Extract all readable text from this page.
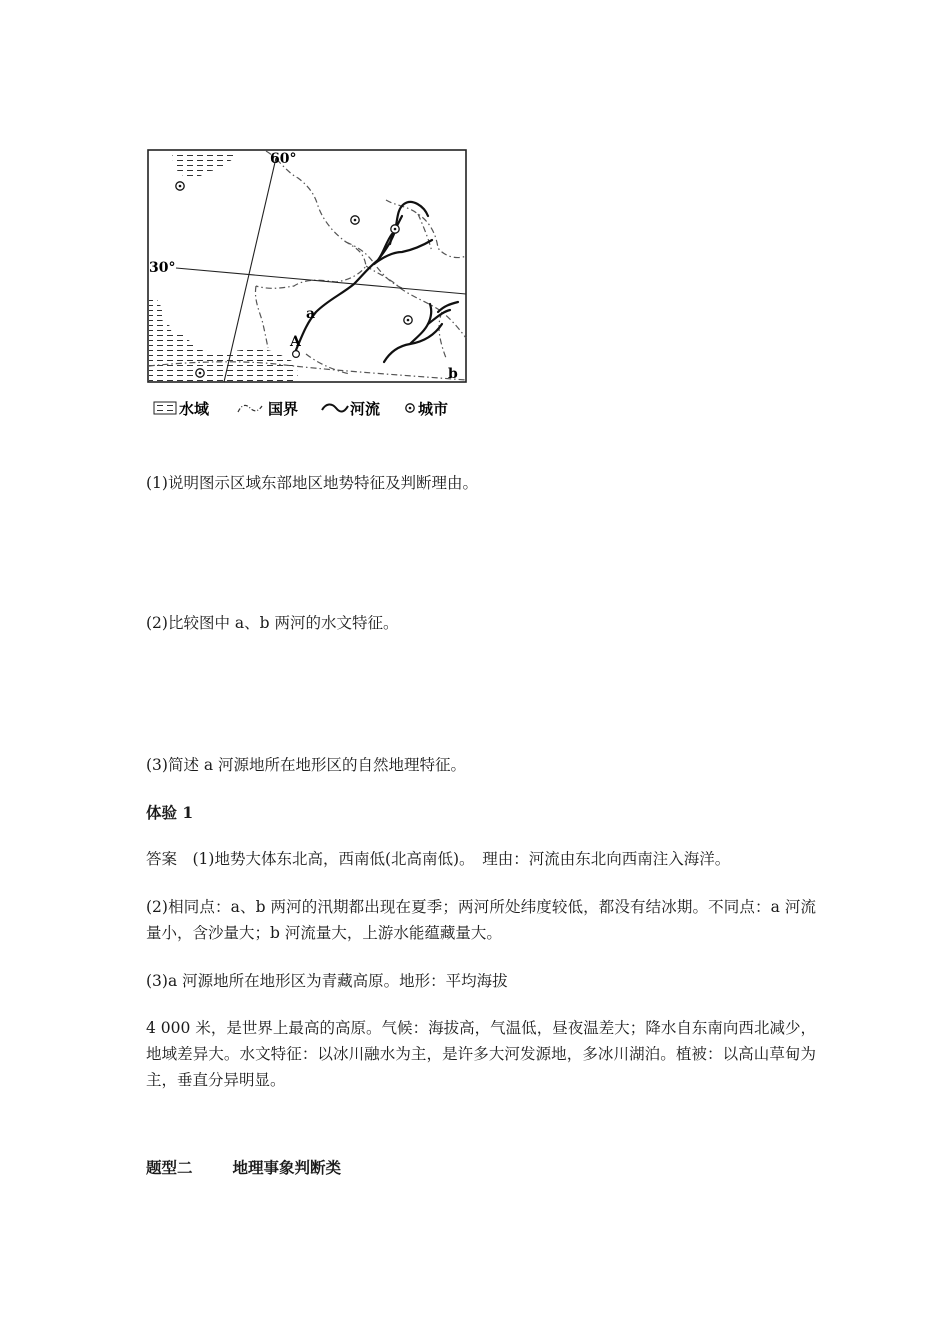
60°
30°
a
A
b
水域	国界	河流	城市
(1)说明图示区域东部地区地势特征及判断理由。
(2)比较图中 a、b 两河的水文特征。
(3)简述 a 河源地所在地形区的自然地理特征。
体验 1
答案　(1)地势大体东北高，西南低(北高南低)。　理由：河流由东北向西南注入海洋。
(2)相同点：a、b 两河的汛期都出现在夏季；两河所处纬度较低，都没有结冰期。不同点：a 河流量小，含沙量大；b 河流量大，上游水能蕴藏量大。
(3)a 河源地所在地形区为青藏高原。地形：平均海拔
4 000 米，是世界上最高的高原。气候：海拔高，气温低，昼夜温差大；降水自东南向西北减少，地域差异大。水文特征：以冰川融水为主，是许多大河发源地，多冰川湖泊。植被：以高山草甸为主，垂直分异明显。
题型二	地理事象判断类
